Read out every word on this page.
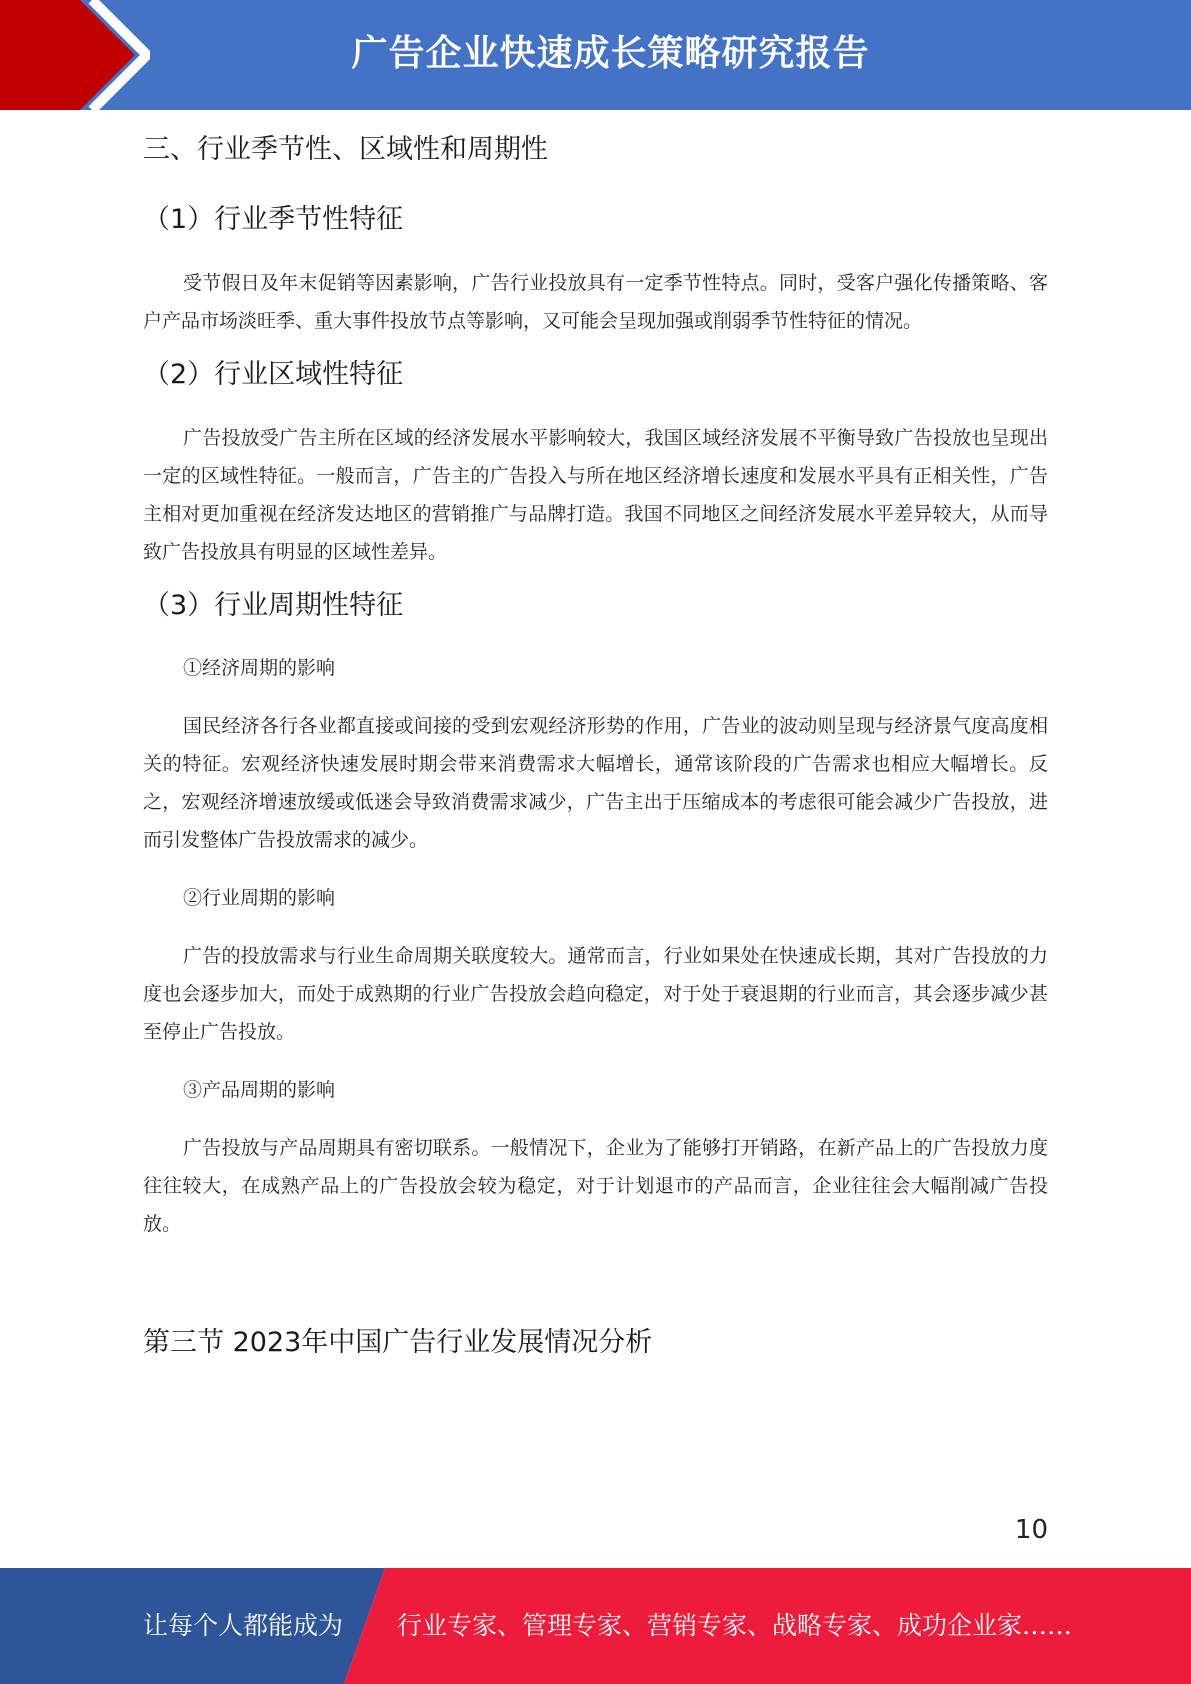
广告企业快速成长策略研究报告
三、行业季节性、区域性和周期性
（1）行业季节性特征

受节假日及年末促销等因素影响，广告行业投放具有一定季节性特点。同时，受客户强化传播策略、客户产品市场淡旺季、重大事件投放节点等影响，又可能会呈现加强或削弱季节性特征的情况。

（2）行业区域性特征

广告投放受广告主所在区域的经济发展水平影响较大，我国区域经济发展不平衡导致广告投放也呈现出一定的区域性特征。一般而言，广告主的广告投入与所在地区经济增长速度和发展水平具有正相关性，广告主相对更加重视在经济发达地区的营销推广与品牌打造。我国不同地区之间经济发展水平差异较大，从而导致广告投放具有明显的区域性差异。

（3）行业周期性特征

①经济周期的影响

国民经济各行各业都直接或间接的受到宏观经济形势的作用，广告业的波动则呈现与经济景气度高度相关的特征。宏观经济快速发展时期会带来消费需求大幅增长，通常该阶段的广告需求也相应大幅增长。反之，宏观经济增速放缓或低迷会导致消费需求减少，广告主出于压缩成本的考虑很可能会减少广告投放，进而引发整体广告投放需求的减少。

②行业周期的影响

广告的投放需求与行业生命周期关联度较大。通常而言，行业如果处在快速成长期，其对广告投放的力度也会逐步加大，而处于成熟期的行业广告投放会趋向稳定，对于处于衰退期的行业而言，其会逐步减少甚至停止广告投放。

③产品周期的影响

广告投放与产品周期具有密切联系。一般情况下，企业为了能够打开销路，在新产品上的广告投放力度往往较大，在成熟产品上的广告投放会较为稳定，对于计划退市的产品而言，企业往往会大幅削减广告投放。

第三节 2023年中国广告行业发展情况分析
10
让每个人都能成为 行业专家、管理专家、营销专家、战略专家、成功企业家……
